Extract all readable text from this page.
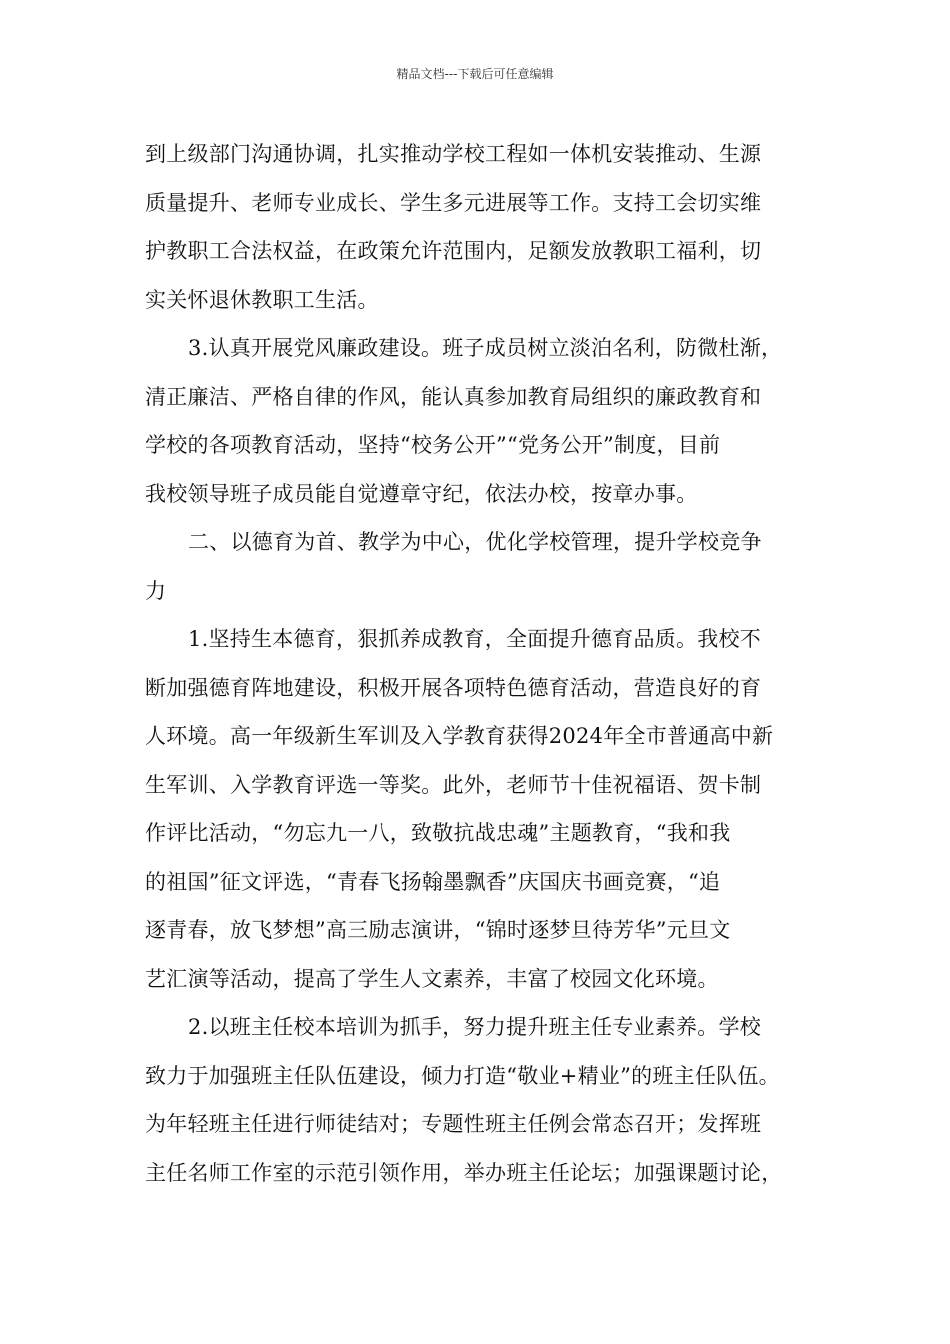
精品文档---下载后可任意编辑
到上级部门沟通协调，扎实推动学校工程如一体机安装推动、生源
质量提升、老师专业成长、学生多元进展等工作。支持工会切实维
护教职工合法权益，在政策允许范围内，足额发放教职工福利，切
实关怀退休教职工生活。
3.认真开展党风廉政建设。班子成员树立淡泊名利，防微杜渐，
清正廉洁、严格自律的作风，能认真参加教育局组织的廉政教育和
学校的各项教育活动，坚持“校务公开”“党务公开”制度，目前
我校领导班子成员能自觉遵章守纪，依法办校，按章办事。
二、以德育为首、教学为中心，优化学校管理，提升学校竞争
力
1.坚持生本德育，狠抓养成教育，全面提升德育品质。我校不
断加强德育阵地建设，积极开展各项特色德育活动，营造良好的育
人环境。高一年级新生军训及入学教育获得2024年全市普通高中新
生军训、入学教育评选一等奖。此外，老师节十佳祝福语、贺卡制
作评比活动，“勿忘九一八，致敬抗战忠魂”主题教育，“我和我
的祖国”征文评选，“青春飞扬翰墨飘香”庆国庆书画竞赛，“追
逐青春，放飞梦想”高三励志演讲，“锦时逐梦旦待芳华”元旦文
艺汇演等活动，提高了学生人文素养，丰富了校园文化环境。
2.以班主任校本培训为抓手，努力提升班主任专业素养。学校
致力于加强班主任队伍建设，倾力打造“敬业+精业”的班主任队伍。
为年轻班主任进行师徒结对；专题性班主任例会常态召开；发挥班
主任名师工作室的示范引领作用，举办班主任论坛；加强课题讨论，
